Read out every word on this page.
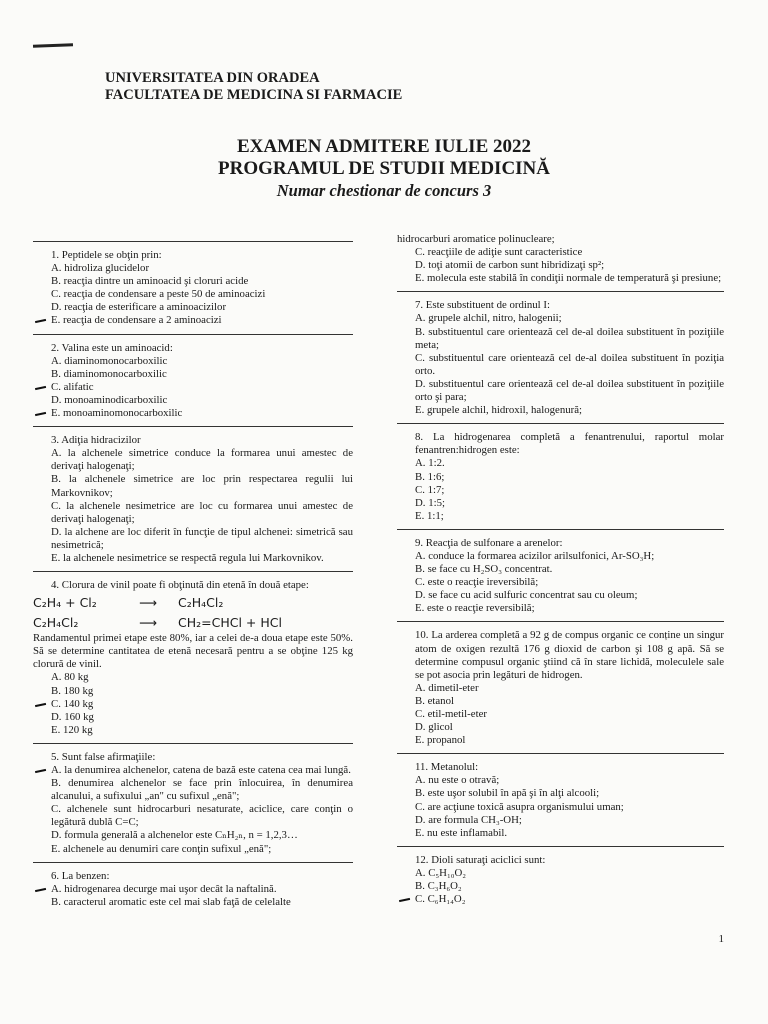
UNIVERSITATEA DIN ORADEA
FACULTATEA DE MEDICINA SI FARMACIE
EXAMEN ADMITERE IULIE 2022
PROGRAMUL DE STUDII MEDICINĂ
Numar chestionar de concurs 3
1. Peptidele se obţin prin:
A. hidroliza glucidelor
B. reacţia dintre un aminoacid şi cloruri acide
C. reacţia de condensare a peste 50 de aminoacizi
D. reacţia de esterificare a aminoacizilor
E. reacţia de condensare a 2 aminoacizi
2. Valina este un aminoacid:
A. diaminomonocarboxilic
B. diaminomonocarboxilic
C. alifatic
D. monoaminodicarboxilic
E. monoaminomonocarboxilic
3. Adiţia hidracizilor
A. la alchenele simetrice conduce la formarea unui amestec de derivaţi halogenaţi;
B. la alchenele simetrice are loc prin respectarea regulii lui Markovnikov;
C. la alchenele nesimetrice are loc cu formarea unui amestec de derivaţi halogenaţi;
D. la alchene are loc diferit în funcţie de tipul alchenei: simetrică sau nesimetrică;
E. la alchenele nesimetrice se respectă regula lui Markovnikov.
4. Clorura de vinil poate fi obţinută din etenă în două etape:
C₂H₄ + Cl₂	⟶	C₂H₄Cl₂
C₂H₄Cl₂	⟶	CH₂=CHCl + HCl
Randamentul primei etape este 80%, iar a celei de-a doua etape este 50%. Să se determine cantitatea de etenă necesară pentru a se obţine 125 kg clorură de vinil.
A. 80 kg
B. 180 kg
C. 140 kg
D. 160 kg
E. 120 kg
5. Sunt false afirmaţiile:
A. la denumirea alchenelor, catena de bază este catena cea mai lungă.
B. denumirea alchenelor se face prin înlocuirea, în denumirea alcanului, a sufixului „an" cu sufixul „enă";
C. alchenele sunt hidrocarburi nesaturate, aciclice, care conţin o legătură dublă C=C;
D. formula generală a alchenelor este CₙH₂ₙ, n = 1,2,3…
E. alchenele au denumiri care conţin sufixul „enă";
6. La benzen:
A. hidrogenarea decurge mai uşor decât la naftalină.
B. caracterul aromatic este cel mai slab faţă de celelalte
hidrocarburi aromatice polinucleare;
C. reacţiile de adiţie sunt caracteristice
D. toţi atomii de carbon sunt hibridizaţi sp²;
E. molecula este stabilă în condiţii normale de temperatură şi presiune;
7. Este substituent de ordinul I:
A. grupele alchil, nitro, halogenii;
B. substituentul care orientează cel de-al doilea substituent în poziţiile meta;
C. substituentul care orientează cel de-al doilea substituent în poziţia orto.
D. substituentul care orientează cel de-al doilea substituent în poziţiile orto şi para;
E. grupele alchil, hidroxil, halogenură;
8. La hidrogenarea completă a fenantrenului, raportul molar fenantren:hidrogen este:
A. 1:2.
B. 1:6;
C. 1:7;
D. 1:5;
E. 1:1;
9. Reacţia de sulfonare a arenelor:
A. conduce la formarea acizilor arilsulfonici, Ar-SO₃H;
B. se face cu H₂SO₃ concentrat.
C. este o reacţie ireversibilă;
D. se face cu acid sulfuric concentrat sau cu oleum;
E. este o reacţie reversibilă;
10. La arderea completă a 92 g de compus organic ce conține un singur atom de oxigen rezultă 176 g dioxid de carbon şi 108 g apă. Să se determine compusul organic ştiind că în stare lichidă, moleculele sale se pot asocia prin legături de hidrogen.
A. dimetil-eter
B. etanol
C. etil-metil-eter
D. glicol
E. propanol
11. Metanolul:
A. nu este o otravă;
B. este uşor solubil în apă şi în alţi alcooli;
C. are acţiune toxică asupra organismului uman;
D. are formula CH₃-OH;
E. nu este inflamabil.
12. Dioli saturaţi aciclici sunt:
A. C₅H₁₀O₂
B. C₃H₆O₂
C. C₆H₁₄O₂
1
